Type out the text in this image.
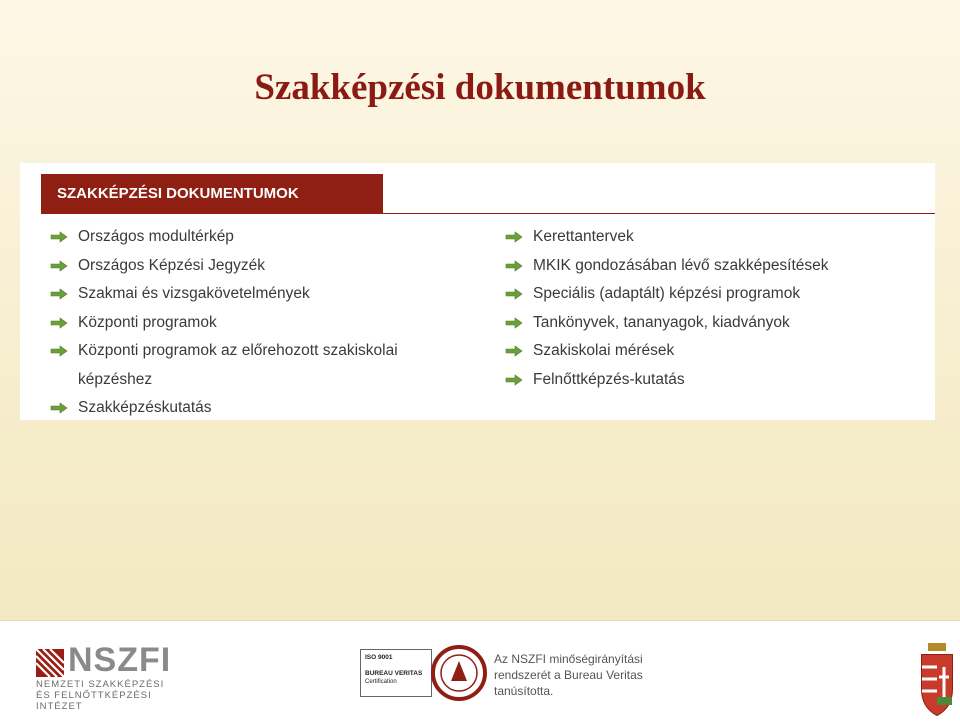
Szakképzési dokumentumok
SZAKKÉPZÉSI DOKUMENTUMOK
Országos modultérkép
Országos Képzési Jegyzék
Szakmai és vizsgakövetelmények
Központi programok
Központi programok az előrehozott szakiskolai
képzéshez
Szakképzéskutatás
Kerettantervek
MKIK gondozásában lévő szakképesítések
Speciális (adaptált) képzési programok
Tankönyvek, tananyagok, kiadványok
Szakiskolai mérések
Felnőttképzés-kutatás
NSZFI
NEMZETI SZAKKÉPZÉSI
ÉS FELNŐTTKÉPZÉSI INTÉZET
ISO 9001

BUREAU VERITAS
Certification
Az NSZFI minőségirányítási
rendszerét a Bureau Veritas
tanúsította.
